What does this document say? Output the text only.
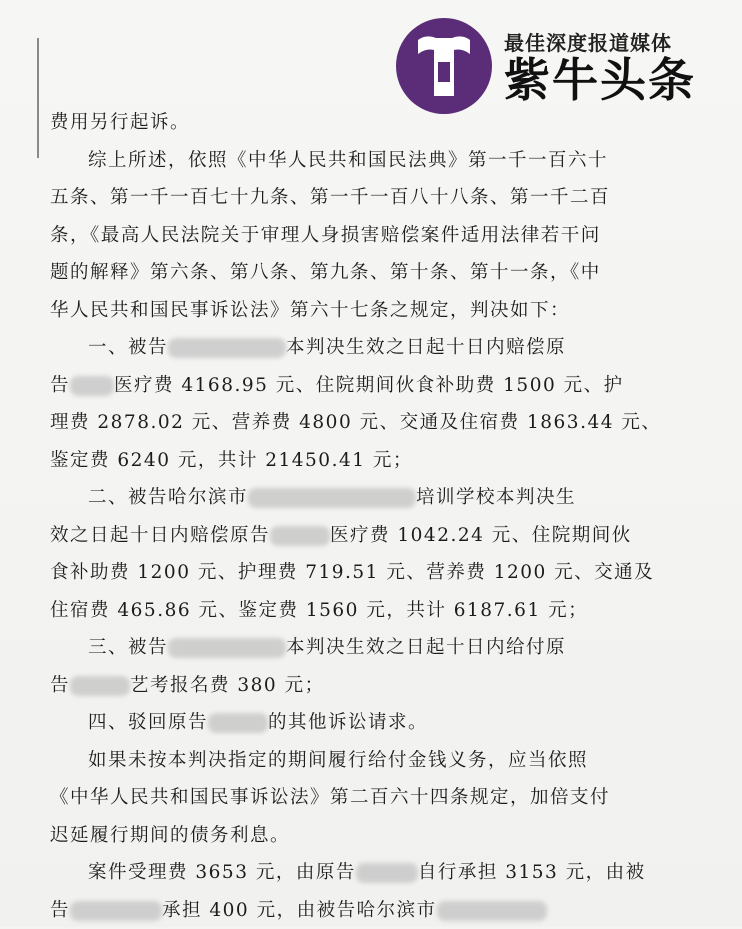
最佳深度报道媒体
紫牛头条
费用另行起诉。
综上所述，依照《中华人民共和国民法典》第一千一百六十
五条、第一千一百七十九条、第一千一百八十八条、第一千二百
条，《最高人民法院关于审理人身损害赔偿案件适用法律若干问
题的解释》第六条、第八条、第九条、第十条、第十一条，《中
华人民共和国民事诉讼法》第六十七条之规定，判决如下：
一、被告	本判决生效之日起十日内赔偿原
告 医疗费 4168.95 元、住院期间伙食补助费 1500 元、护
理费 2878.02 元、营养费 4800 元、交通及住宿费 1863.44 元、
鉴定费 6240 元，共计 21450.41 元；
二、被告哈尔滨市	培训学校本判决生
效之日起十日内赔偿原告	医疗费 1042.24 元、住院期间伙
食补助费 1200 元、护理费 719.51 元、营养费 1200 元、交通及
住宿费 465.86 元、鉴定费 1560 元，共计 6187.61 元；
三、被告	本判决生效之日起十日内给付原
告	艺考报名费 380 元；
四、驳回原告	的其他诉讼请求。
如果未按本判决指定的期间履行给付金钱义务，应当依照
《中华人民共和国民事诉讼法》第二百六十四条规定，加倍支付
迟延履行期间的债务利息。
案件受理费 3653 元，由原告	自行承担 3153 元，由被
告	承担 400 元，由被告哈尔滨市
